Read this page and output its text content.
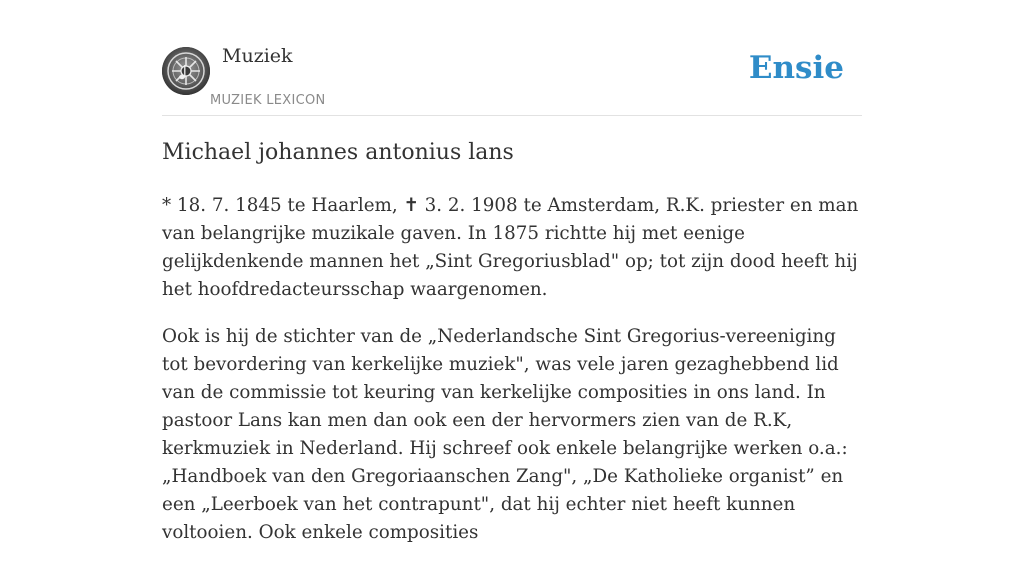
Muziek
MUZIEK LEXICON
Ensie
Michael johannes antonius lans

* 18. 7. 1845 te Haarlem, ✝ 3. 2. 1908 te Amsterdam, R.K. priester en man van belangrijke muzikale gaven. In 1875 richtte hij met eenige gelijkdenkende mannen het „Sint Gregoriusblad" op; tot zijn dood heeft hij het hoofdredacteursschap waargenomen.

Ook is hij de stichter van de „Nederlandsche Sint Gregorius-vereeniging tot bevordering van kerkelijke muziek", was vele jaren gezaghebbend lid van de commissie tot keuring van kerkelijke composities in ons land. In pastoor Lans kan men dan ook een der hervormers zien van de R.K, kerkmuziek in Nederland. Hij schreef ook enkele belangrijke werken o.a.: „Handboek van den Gregoriaanschen Zang", „De Katholieke organist” en een „Leerboek van het contrapunt", dat hij echter niet heeft kunnen voltooien. Ook enkele composities
